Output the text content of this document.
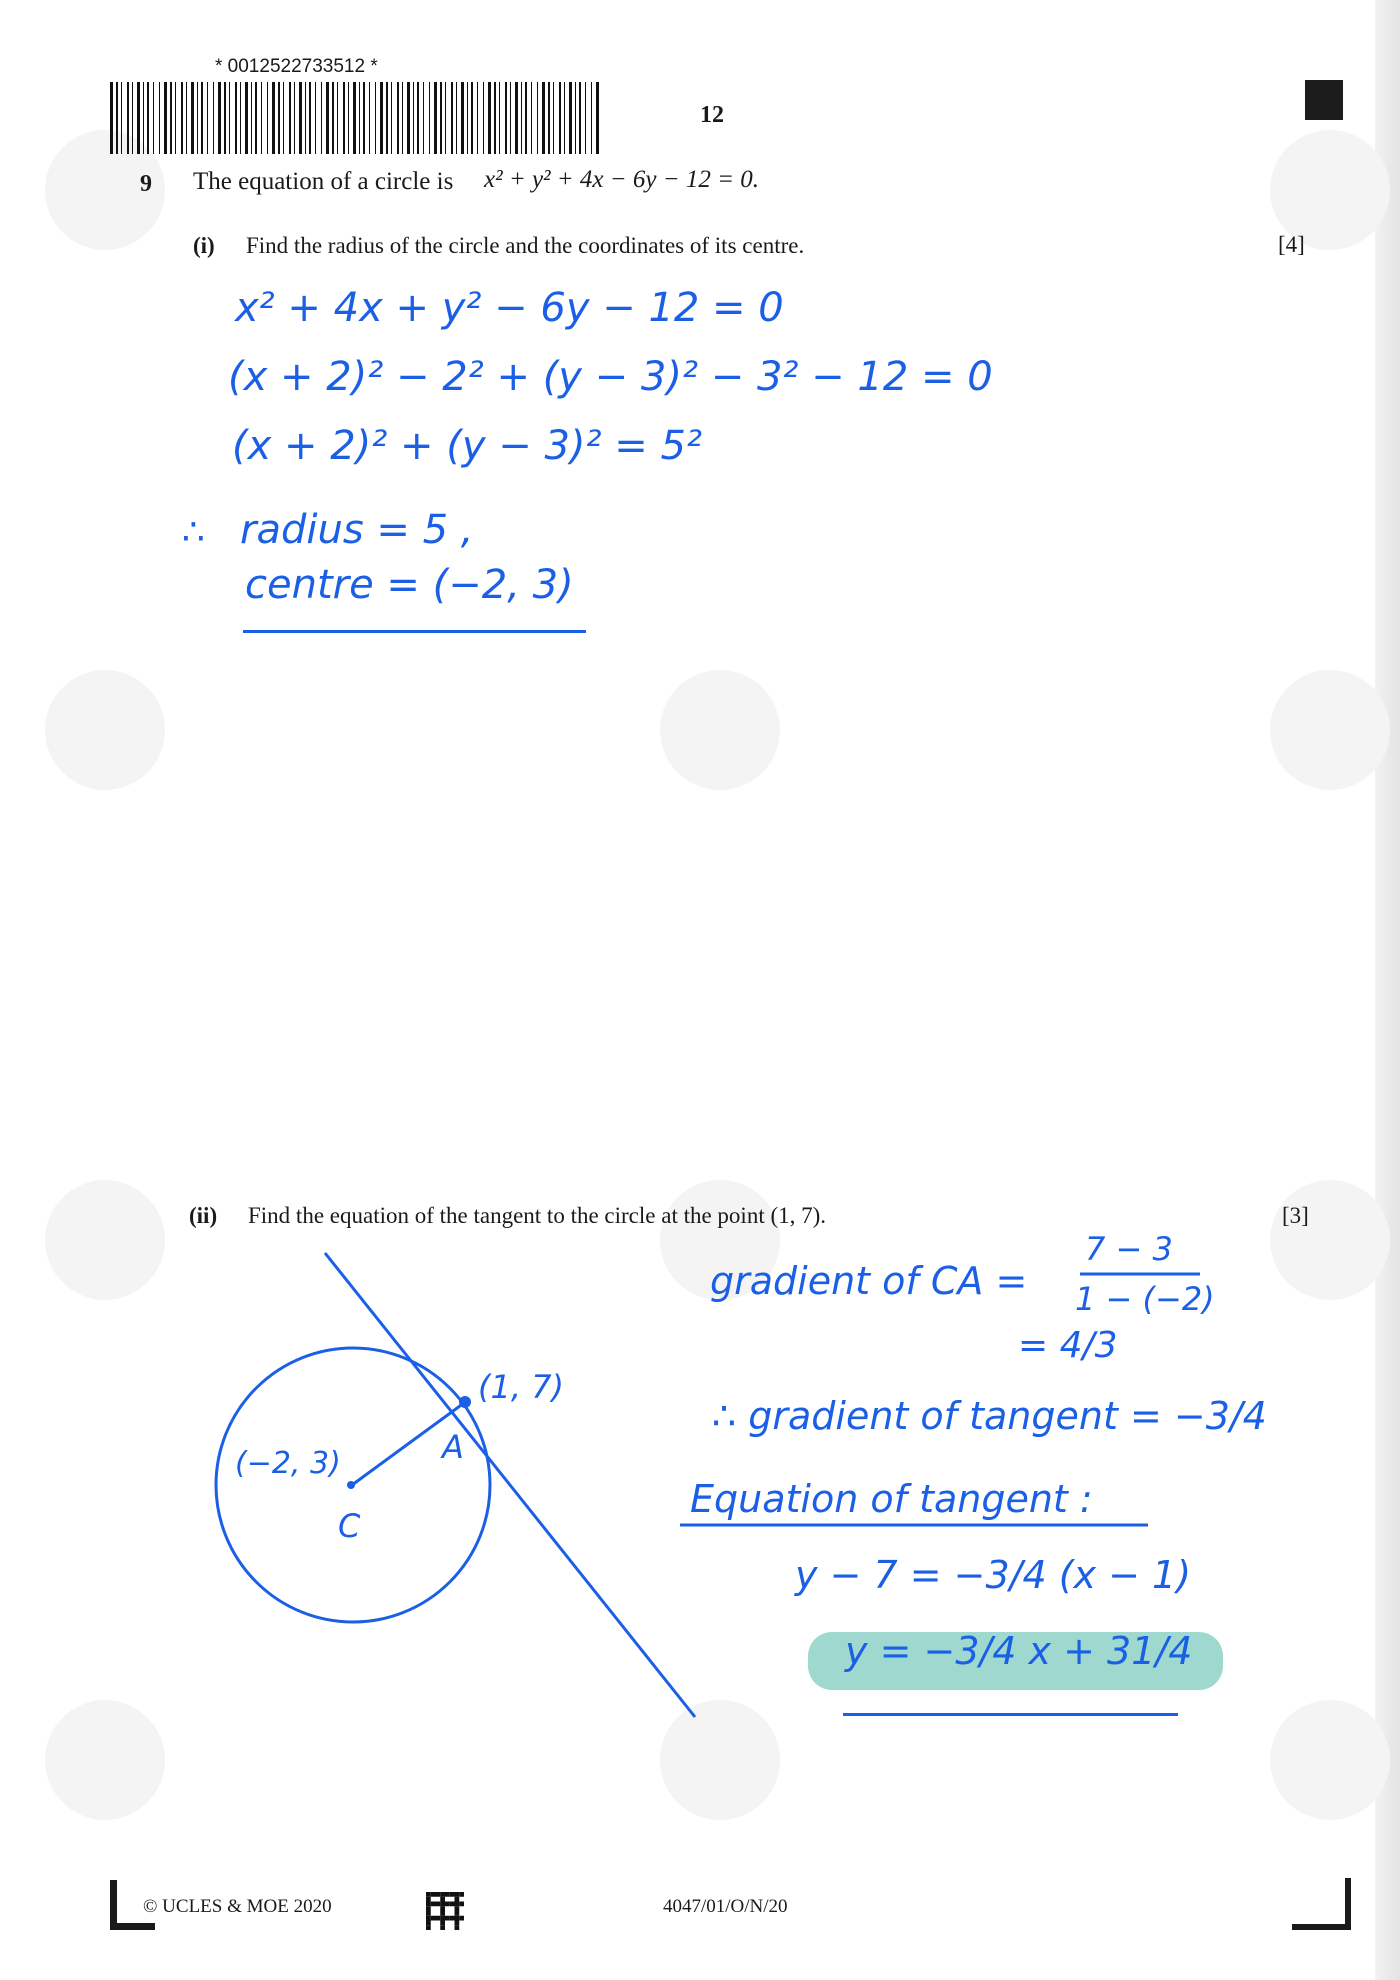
* 0012522733512 *
12
9 The equation of a circle is x² + y² + 4x − 6y − 12 = 0.
(i) Find the radius of the circle and the coordinates of its centre.	[4]
x² + 4x + y² − 6y − 12 = 0
(x + 2)² − 2² + (y − 3)² − 3² − 12 = 0
(x + 2)² + (y − 3)² = 5²
∴ radius = 5 ,
centre = (−2, 3)
(ii) Find the equation of the tangent to the circle at the point (1, 7).	[3]
(1, 7)
A
(−2, 3)
C
gradient of CA =
7 − 3
1 − (−2)
= 4/3
∴ gradient of tangent = −3/4
Equation of tangent :
y − 7 = −3/4 (x − 1)
y = −3/4 x + 31/4
© UCLES & MOE 2020	4047/01/O/N/20
